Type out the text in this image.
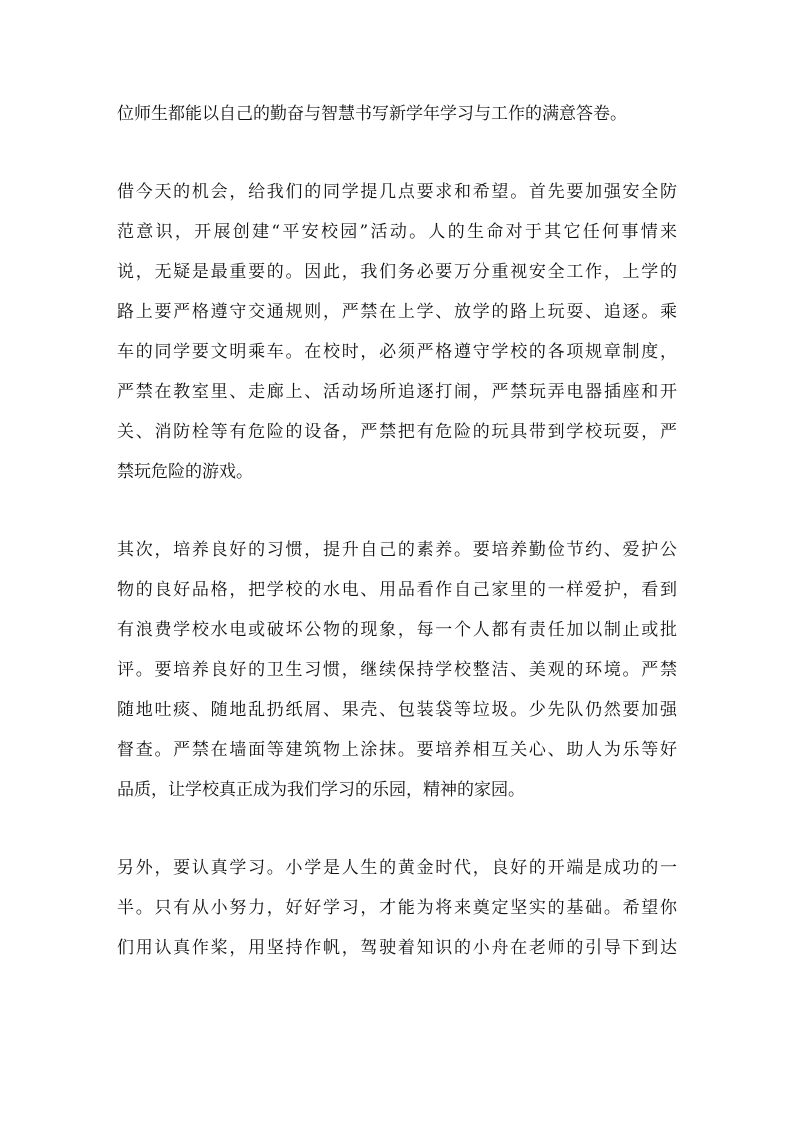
位师生都能以自己的勤奋与智慧书写新学年学习与工作的满意答卷。
借今天的机会，给我们的同学提几点要求和希望。首先要加强安全防
范意识，开展创建“平安校园”活动。人的生命对于其它任何事情来
说，无疑是最重要的。因此，我们务必要万分重视安全工作，上学的
路上要严格遵守交通规则，严禁在上学、放学的路上玩耍、追逐。乘
车的同学要文明乘车。在校时，必须严格遵守学校的各项规章制度，
严禁在教室里、走廊上、活动场所追逐打闹，严禁玩弄电器插座和开
关、消防栓等有危险的设备，严禁把有危险的玩具带到学校玩耍，严
禁玩危险的游戏。
其次，培养良好的习惯，提升自己的素养。要培养勤俭节约、爱护公
物的良好品格，把学校的水电、用品看作自己家里的一样爱护，看到
有浪费学校水电或破坏公物的现象，每一个人都有责任加以制止或批
评。要培养良好的卫生习惯，继续保持学校整洁、美观的环境。严禁
随地吐痰、随地乱扔纸屑、果壳、包装袋等垃圾。少先队仍然要加强
督查。严禁在墙面等建筑物上涂抹。要培养相互关心、助人为乐等好
品质，让学校真正成为我们学习的乐园，精神的家园。
另外，要认真学习。小学是人生的黄金时代，良好的开端是成功的一
半。只有从小努力，好好学习，才能为将来奠定坚实的基础。希望你
们用认真作桨，用坚持作帆，驾驶着知识的小舟在老师的引导下到达
